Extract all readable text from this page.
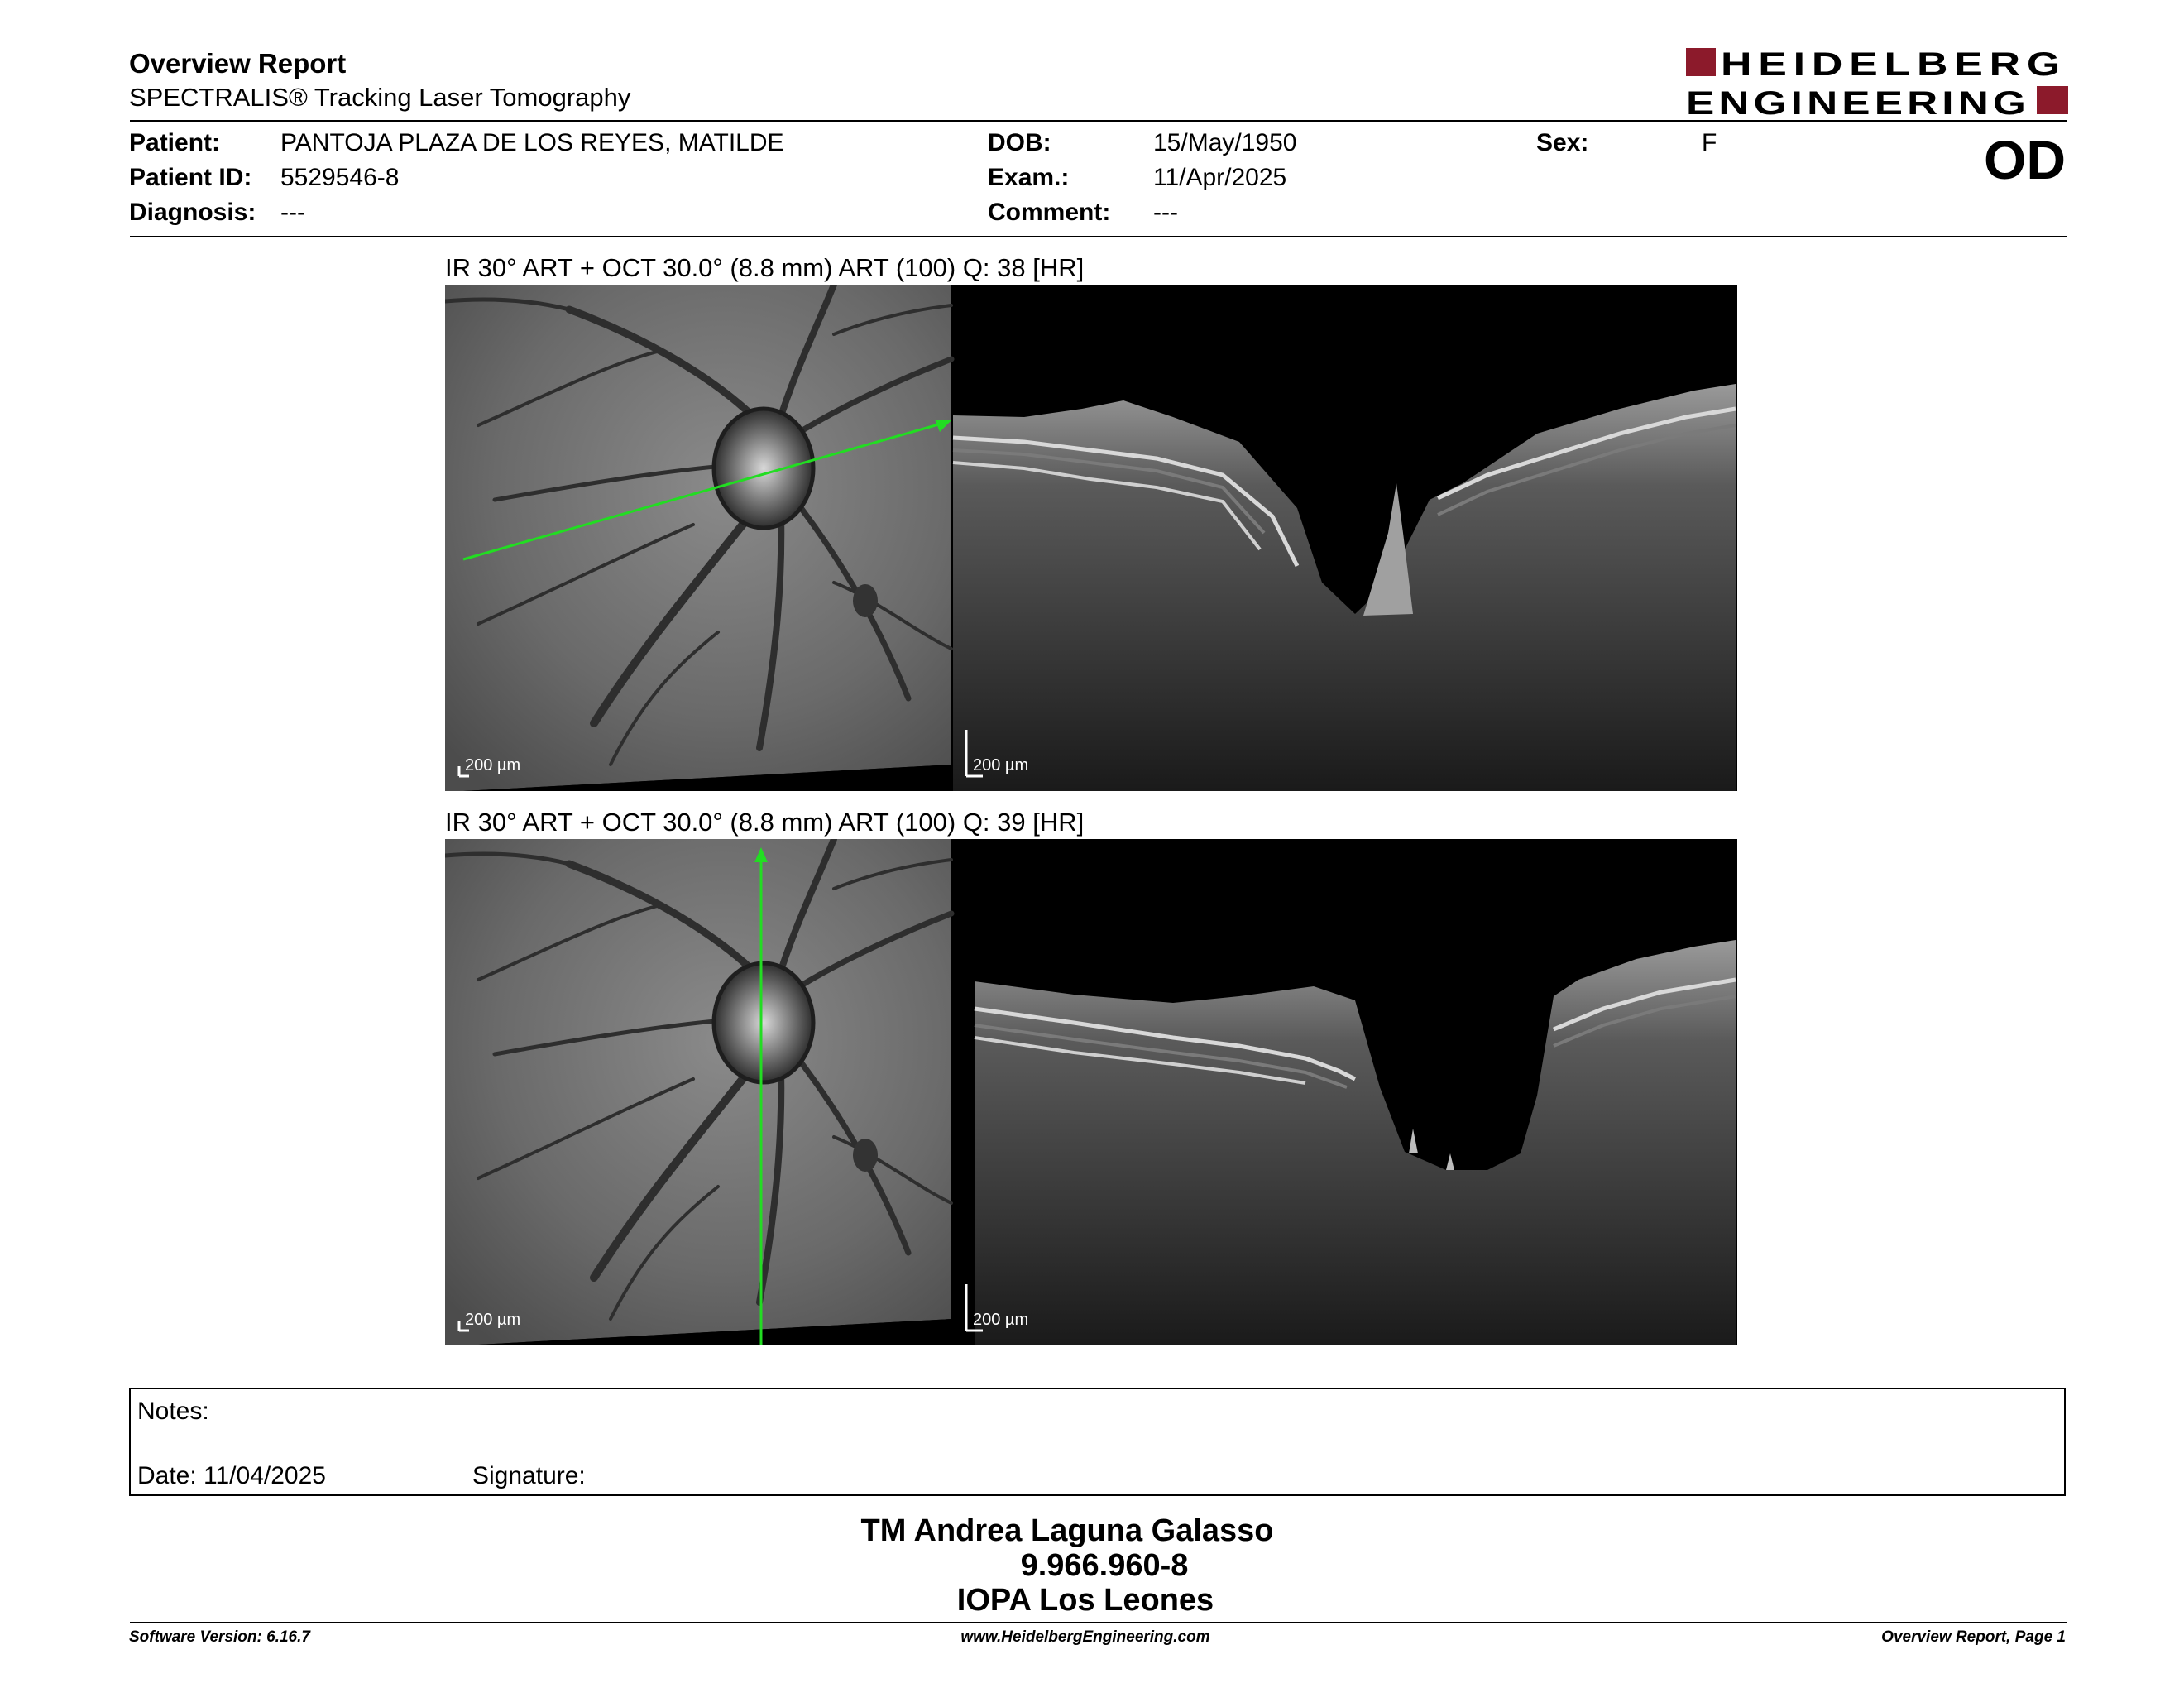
Overview Report
SPECTRALIS® Tracking Laser Tomography
HEIDELBERG
ENGINEERING
Patient: PANTOJA PLAZA DE LOS REYES, MATILDE
Patient ID: 5529546-8
Diagnosis: ---
DOB:	15/May/1950
Exam.:	11/Apr/2025
Comment: ---
Sex:	F	OD
IR 30° ART + OCT 30.0° (8.8 mm) ART (100) Q: 38 [HR]
200 µm	200 µm
IR 30° ART + OCT 30.0° (8.8 mm) ART (100) Q: 39 [HR]
200 µm	200 µm
Notes:
Date: 11/04/2025	Signature:
TM Andrea Laguna Galasso
9.966.960-8
IOPA Los Leones
Software Version: 6.16.7	www.HeidelbergEngineering.com	Overview Report, Page 1
